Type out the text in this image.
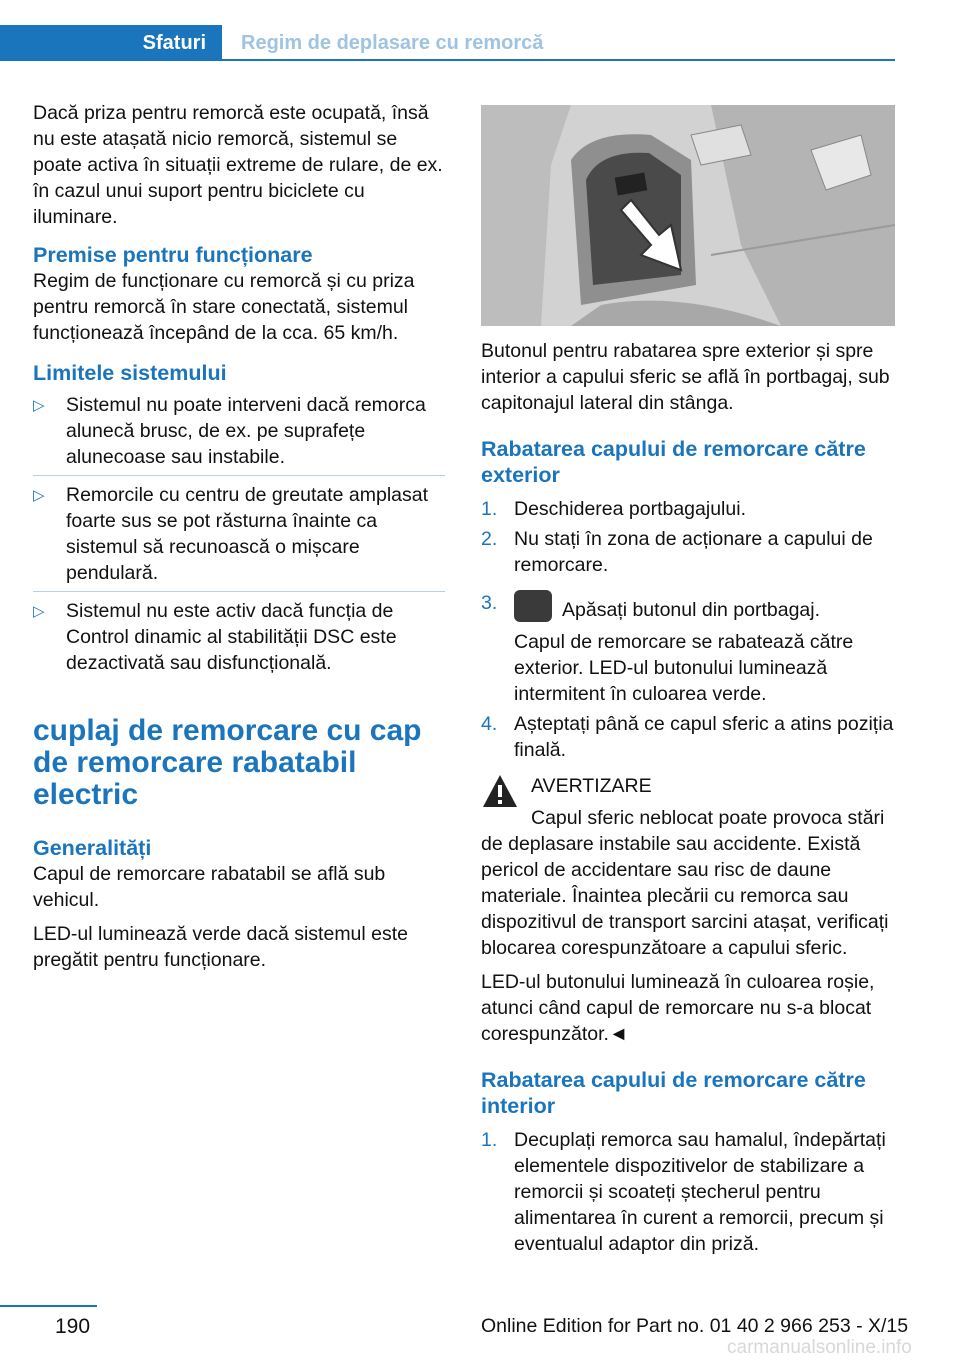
Sfaturi	Regim de deplasare cu remorcă

Dacă priza pentru remorcă este ocupată, însă nu este atașată nicio remorcă, sistemul se poate activa în situații extreme de rulare, de ex. în cazul unui suport pentru biciclete cu iluminare.

Premise pentru funcționare

Regim de funcționare cu remorcă și cu priza pentru remorcă în stare conectată, sistemul funcționează începând de la cca. 65 km/h.

Limitele sistemului
▷ Sistemul nu poate interveni dacă remorca alunecă brusc, de ex. pe suprafețe alunecoase sau instabile.
▷ Remorcile cu centru de greutate amplasat foarte sus se pot răsturna înainte ca sistemul să recunoască o mișcare pendulară.
▷ Sistemul nu este activ dacă funcția de Control dinamic al stabilității DSC este dezactivată sau disfuncțională.
cuplaj de remorcare cu cap de remorcare rabatabil electric
Generalități

Capul de remorcare rabatabil se află sub vehicul.

LED-ul luminează verde dacă sistemul este pregătit pentru funcționare.

Butonul pentru rabatarea spre exterior și spre interior a capului sferic se află în portbagaj, sub capitonajul lateral din stânga.

Rabatarea capului de remorcare către exterior
1. Deschiderea portbagajului.
2. Nu stați în zona de acționare a capului de remorcare.
3.	Apăsați butonul din portbagaj.
Capul de remorcare se rabatează către exterior. LED-ul butonului luminează intermitent în culoarea verde.
4. Așteptați până ce capul sferic a atins poziția finală.
AVERTIZARE

Capul sferic neblocat poate provoca stări de deplasare instabile sau accidente. Există pericol de accidentare sau risc de daune materiale. Înaintea plecării cu remorca sau dispozitivul de transport sarcini atașat, verificați blocarea corespunzătoare a capului sferic.

LED-ul butonului luminează în culoarea roșie, atunci când capul de remorcare nu s-a blocat corespunzător.◄

Rabatarea capului de remorcare către interior
1. Decuplați remorca sau hamalul, îndepărtați elementele dispozitivelor de stabilizare a remorcii și scoateți ștecherul pentru alimentarea în curent a remorcii, precum și eventualul adaptor din priză.
190	Online Edition for Part no. 01 40 2 966 253 - X/15
carmanualsonline.info
